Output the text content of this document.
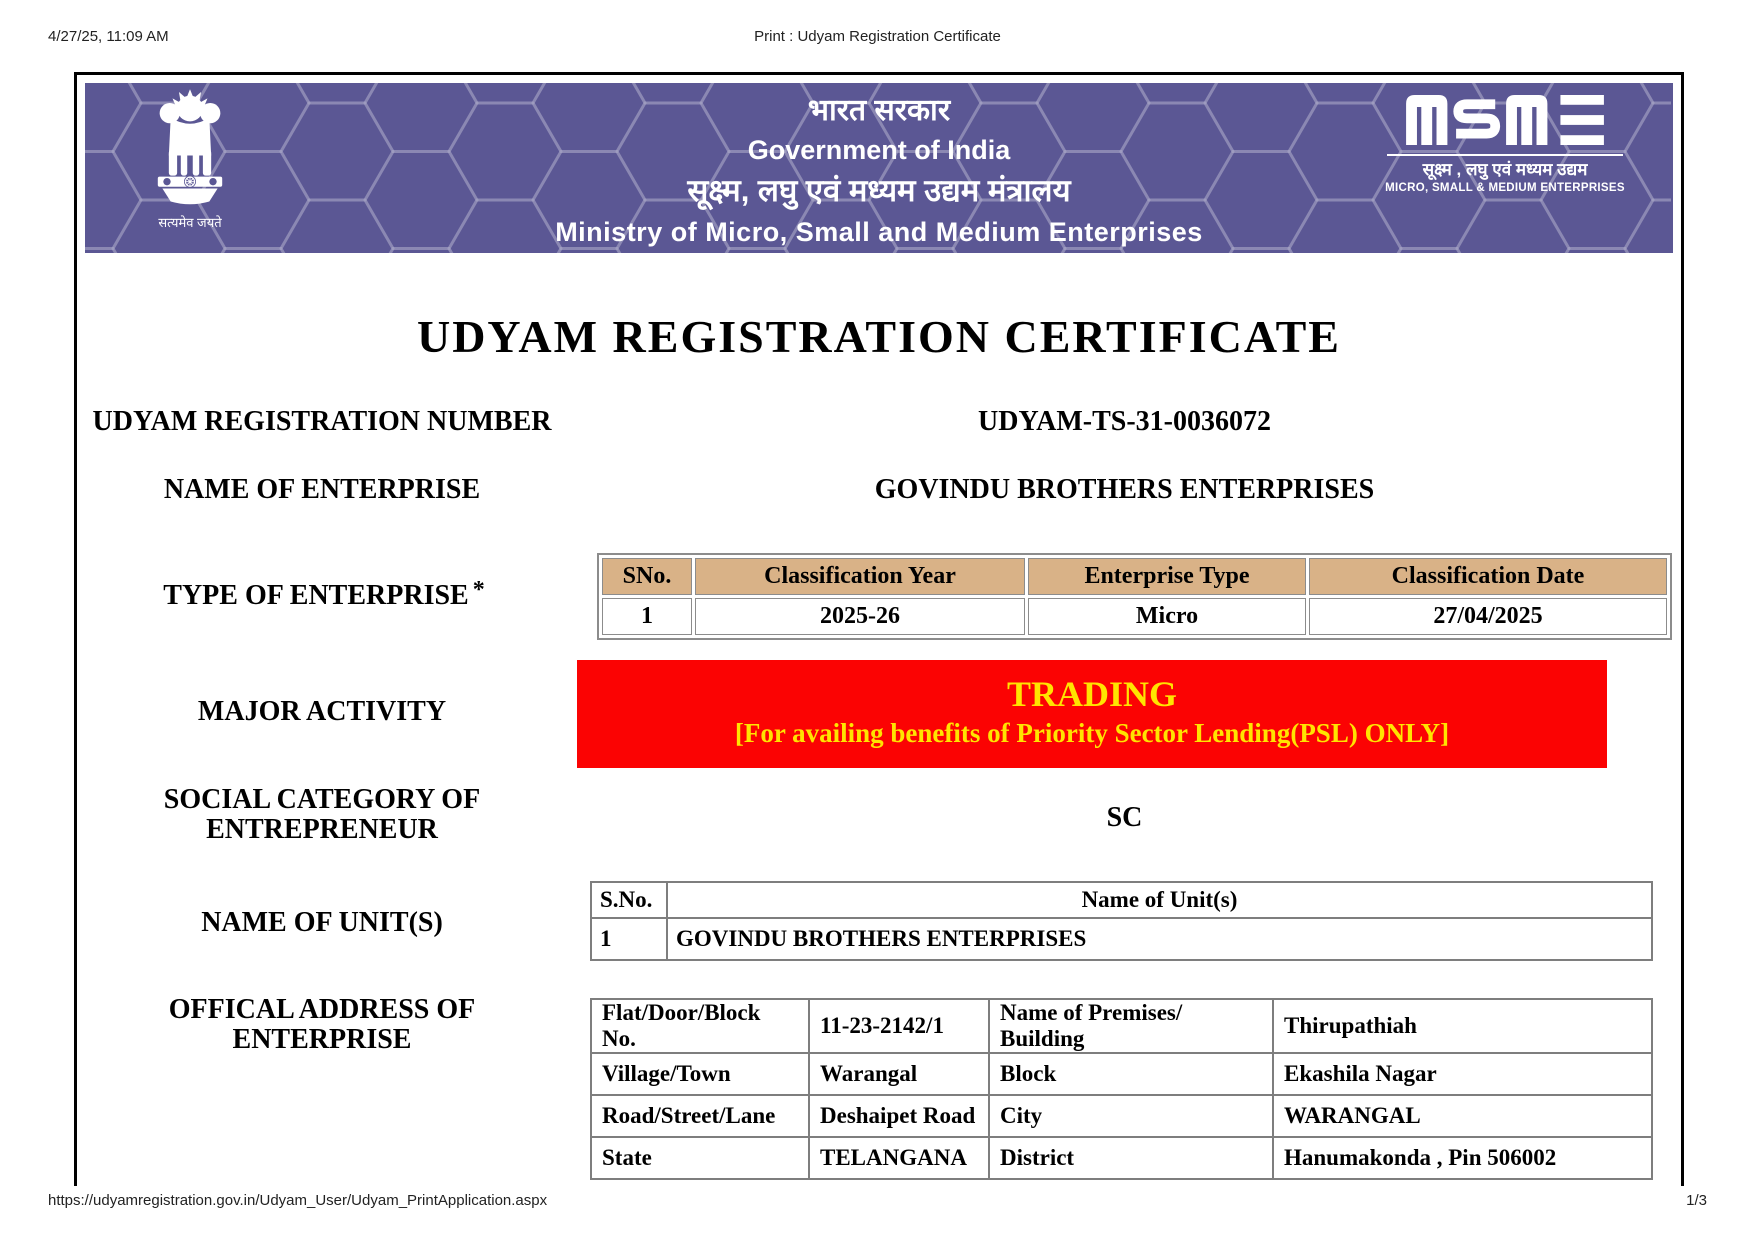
4/27/25, 11:09 AM	Print : Udyam Registration Certificate
सत्यमेव जयते
भारत सरकार
Government of India
सूक्ष्म, लघु एवं मध्यम उद्यम मंत्रालय
Ministry of Micro, Small and Medium Enterprises
सूक्ष्म , लघु एवं मध्यम उद्यम
MICRO, SMALL & MEDIUM ENTERPRISES
UDYAM REGISTRATION CERTIFICATE
UDYAM REGISTRATION NUMBER	UDYAM-TS-31-0036072
NAME OF ENTERPRISE	GOVINDU BROTHERS ENTERPRISES
TYPE OF ENTERPRISE *
SNo.	Classification Year	Enterprise Type	Classification Date
1	2025-26	Micro	27/04/2025
MAJOR ACTIVITY	TRADING
[For availing benefits of Priority Sector Lending(PSL) ONLY]
SOCIAL CATEGORY OF
ENTREPRENEUR	SC
NAME OF UNIT(S)
S.No.	Name of Unit(s)
1	GOVINDU BROTHERS ENTERPRISES
OFFICAL ADDRESS OF ENTERPRISE
Flat/Door/Block No.	11-23-2142/1	Name of Premises/ Building	Thirupathiah
Village/Town	Warangal	Block	Ekashila Nagar
Road/Street/Lane	Deshaipet Road	City	WARANGAL
State	TELANGANA	District	Hanumakonda , Pin 506002
https://udyamregistration.gov.in/Udyam_User/Udyam_PrintApplication.aspx	1/3
